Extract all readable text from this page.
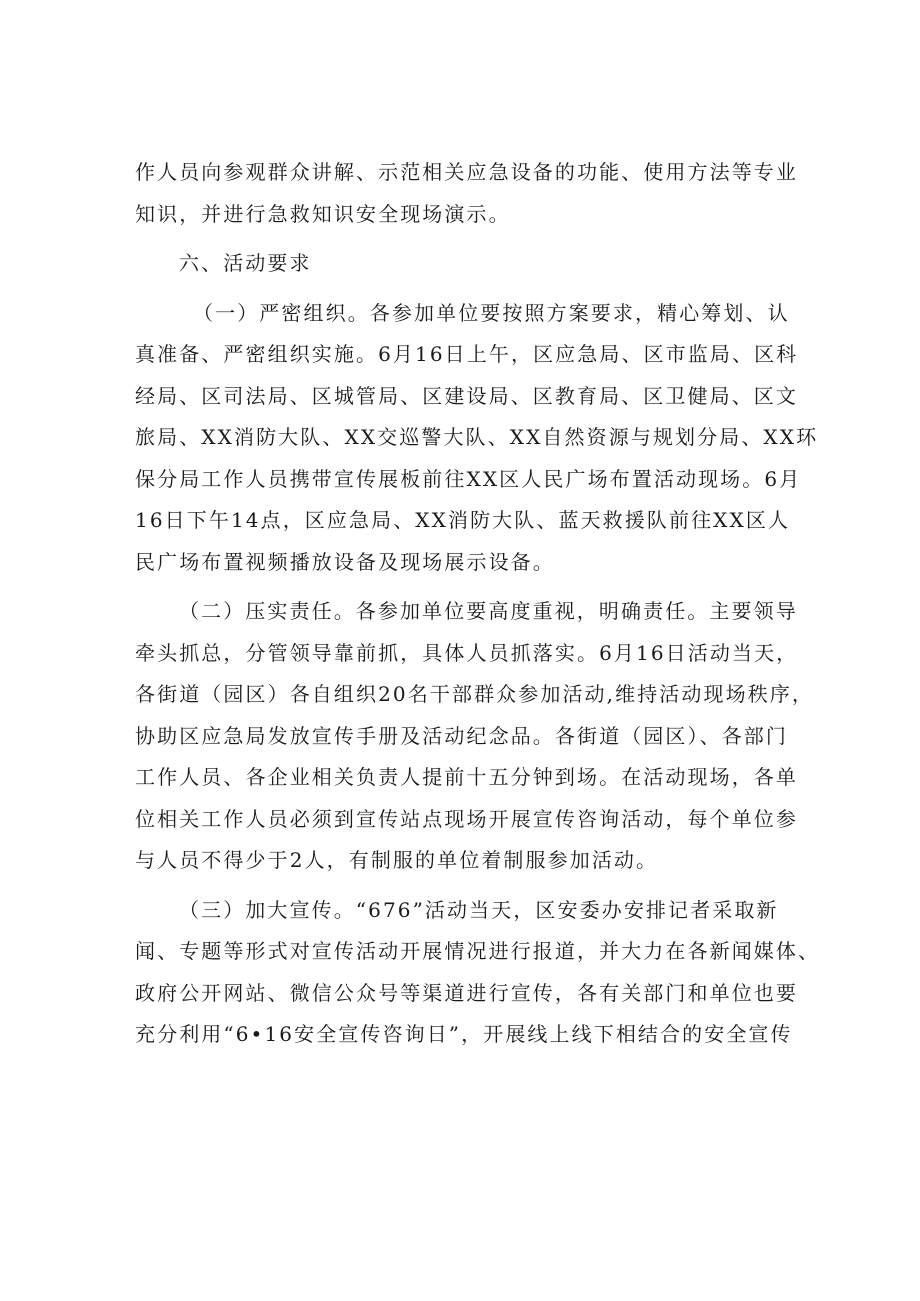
作人员向参观群众讲解、示范相关应急设备的功能、使用方法等专业
知识，并进行急救知识安全现场演示。
六、活动要求
（一）严密组织。各参加单位要按照方案要求，精心筹划、认
真准备、严密组织实施。6月16日上午，区应急局、区市监局、区科
经局、区司法局、区城管局、区建设局、区教育局、区卫健局、区文
旅局、XX消防大队、XX交巡警大队、XX自然资源与规划分局、XX环
保分局工作人员携带宣传展板前往XX区人民广场布置活动现场。6月
16日下午14点，区应急局、XX消防大队、蓝天救援队前往XX区人
民广场布置视频播放设备及现场展示设备。
（二）压实责任。各参加单位要高度重视，明确责任。主要领导
牵头抓总，分管领导靠前抓，具体人员抓落实。6月16日活动当天，
各街道（园区）各自组织20名干部群众参加活动,维持活动现场秩序，
协助区应急局发放宣传手册及活动纪念品。各街道（园区）、各部门
工作人员、各企业相关负责人提前十五分钟到场。在活动现场，各单
位相关工作人员必须到宣传站点现场开展宣传咨询活动，每个单位参
与人员不得少于2人，有制服的单位着制服参加活动。
（三）加大宣传。“676”活动当天，区安委办安排记者采取新
闻、专题等形式对宣传活动开展情况进行报道，并大力在各新闻媒体、
政府公开网站、微信公众号等渠道进行宣传，各有关部门和单位也要
充分利用“6•16安全宣传咨询日”，开展线上线下相结合的安全宣传
